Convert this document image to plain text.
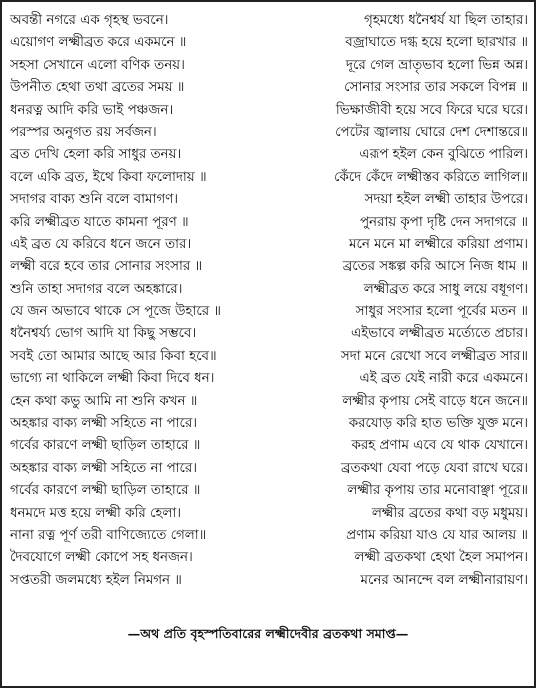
অবন্তী নগরে এক গৃহস্থ ভবনে।
এয়োগণ লক্ষ্মীব্রত করে একমনে ॥
সহসা সেখানে এলো বণিক তনয়।
উপনীত হেথা তথা ব্রতের সময় ॥
ধনরত্ন আদি করি ভাই পঞ্চজন।
পরস্পর অনুগত রয় সর্বজন।
ব্রত দেখি হেলা করি সাধুর তনয়।
বলে একি ব্রত, ইথে কিবা ফলোদায় ॥
সদাগর বাক্য শুনি বলে বামাগণ।
করি লক্ষ্মীব্রত যাতে কামনা পূরণ ॥
এই ব্রত যে করিবে ধনে জনে তার।
লক্ষ্মী বরে হবে তার সোনার সংসার ॥
শুনি তাহা সদাগর বলে অহঙ্কারে।
যে জন অভাবে থাকে সে পূজে উহারে ॥
ধনৈশ্বর্য্য ভোগ আদি যা কিছু সম্ভবে।
সবই তো আমার আছে আর কিবা হবে॥
ভাগ্যে না থাকিলে লক্ষ্মী কিবা দিবে ধন।
হেন কথা কভু আমি না শুনি কখন ॥
অহঙ্কার বাক্য লক্ষ্মী সহিতে না পারে।
গর্বের কারণে লক্ষ্মী ছাড়িল তাহারে ॥
অহঙ্কার বাক্য লক্ষ্মী সহিতে না পারে।
গর্বের কারণে লক্ষ্মী ছাড়িল তাহারে ॥
ধনমদে মত্ত হয়ে লক্ষ্মী করি হেলা।
নানা রত্ন পূর্ণ তরী বাণিজ্যেতে গেলা॥
দৈবযোগে লক্ষ্মী কোপে সহ ধনজন।
সপ্ততরী জলমধ্যে হইল নিমগন ॥
গৃহমধ্যে ধনৈশ্বর্য যা ছিল তাহার।
বজ্রাঘাতে দগ্ধ হয়ে হলো ছারখার ॥
দূরে গেল ভ্রাতৃভাব হলো ভিন্ন অন্ন।
সোনার সংসার তার সকলে বিপন্ন ॥
ভিক্ষাজীবী হয়ে সবে ফিরে ঘরে ঘরে।
পেটের জ্বালায় ঘোরে দেশ দেশান্তরে॥
এরূপ হইল কেন বুঝিতে পারিল।
কেঁদে কেঁদে লক্ষ্মীস্তব করিতে লাগিল॥
সদয়া হইল লক্ষ্মী তাহার উপরে।
পুনরায় কৃপা দৃষ্টি দেন সদাগরে ॥
মনে মনে মা লক্ষ্মীরে করিয়া প্রণাম।
ব্রতের সঙ্কল্প করি আসে নিজ ধাম ॥
লক্ষ্মীব্রত করে সাধু লয়ে বধূগণ।
সাধুর সংসার হলো পূর্বের মতন ॥
এইভাবে লক্ষ্মীব্রত মর্ত্যেতে প্রচার।
সদা মনে রেখো সবে লক্ষ্মীব্রত সার॥
এই ব্রত যেই নারী করে একমনে।
লক্ষ্মীর কৃপায় সেই বাড়ে ধনে জনে॥
করযোড় করি হাত ভক্তি যুক্ত মনে।
করহ প্রণাম এবে যে থাক যেখানে।
ব্রতকথা যেবা পড়ে যেবা রাখে ঘরে।
লক্ষ্মীর কৃপায় তার মনোবাঞ্ছা পূরে॥
লক্ষ্মীর ব্রতের কথা বড় মধুময়।
প্রণাম করিয়া যাও যে যার আলয় ॥
লক্ষ্মী ব্রতকথা হেথা হৈল সমাপন।
মনের আনন্দে বল লক্ষ্মীনারায়ণ।
—অথ প্রতি বৃহস্পতিবারের লক্ষ্মীদেবীর ব্রতকথা সমাপ্ত—
